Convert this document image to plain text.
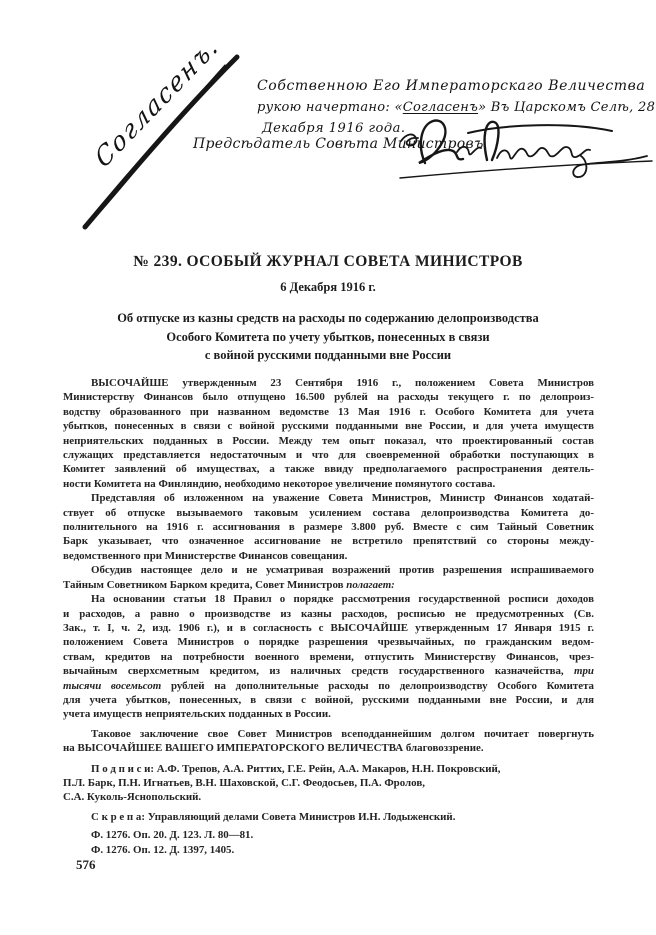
Согласенъ. Собственною Его Императорскаго Величества
рукою начертано: «Согласенъ» Въ Царскомъ Селѣ, 28
Декабря 1916 года.
Предсѣдатель Совѣта Министровъ
№ 239. ОСОБЫЙ ЖУРНАЛ СОВЕТА МИНИСТРОВ
6 Декабря 1916 г.
Об отпуске из казны средств на расходы по содержанию делопроизводства
Особого Комитета по учету убытков, понесенных в связи
с войной русскими подданными вне России

ВЫСОЧАЙШЕ утвержденным 23 Сентября 1916 г., положением Совета Министров
Министерству Финансов было отпущено 16.500 рублей на расходы текущего г. по делопроиз-
водству образованного при названном ведомстве 13 Мая 1916 г. Особого Комитета для учета
убытков, понесенных в связи с войной русскими подданными вне России, и для учета имуществ
неприятельских подданных в России. Между тем опыт показал, что проектированный состав
служащих представляется недостаточным и что для своевременной обработки поступающих в
Комитет заявлений об имуществах, а также ввиду предполагаемого распространения деятель-
ности Комитета на Финляндию, необходимо некоторое увеличение помянутого состава.

Представляя об изложенном на уважение Совета Министров, Министр Финансов ходатай-
ствует об отпуске вызываемого таковым усилением состава делопроизводства Комитета до-
полнительного на 1916 г. ассигнования в размере 3.800 руб. Вместе с сим Тайный Советник
Барк указывает, что означенное ассигнование не встретило препятствий со стороны между-
ведомственного при Министерстве Финансов совещания.

Обсудив настоящее дело и не усматривая возражений против разрешения испрашиваемого
Тайным Советником Барком кредита, Совет Министров полагает:

На основании статьи 18 Правил о порядке рассмотрения государственной росписи доходов
и расходов, а равно о производстве из казны расходов, росписью не предусмотренных (Св.
Зак., т. I, ч. 2, изд. 1906 г.), и в согласность с ВЫСОЧАЙШЕ утвержденным 17 Января 1915 г.
положением Совета Министров о порядке разрешения чрезвычайных, по гражданским ведом-
ствам, кредитов на потребности военного времени, отпустить Министерству Финансов, чрез-
вычайным сверхсметным кредитом, из наличных средств государственного казначейства, три
тысячи восемьсот рублей на дополнительные расходы по делопроизводству Особого Комитета
для учета убытков, понесенных, в связи с войной, русскими подданными вне России, и для
учета имуществ неприятельских подданных в России.

Таковое заключение свое Совет Министров всеподданнейшим долгом почитает повергнуть
на ВЫСОЧАЙШЕЕ ВАШЕГО ИМПЕРАТОРСКОГО ВЕЛИЧЕСТВА благовоззрение.

П о д п и с и: А.Ф. Трепов, А.А. Риттих, Г.Е. Рейн, А.А. Макаров, Н.Н. Покровский,
П.Л. Барк, П.Н. Игнатьев, В.Н. Шаховской, С.Г. Феодосьев, П.А. Фролов,
С.А. Куколь-Яснопольский.

С к р е п а: Управляющий делами Совета Министров И.Н. Лодыженский.

Ф. 1276. Оп. 20. Д. 123. Л. 80—81.

Ф. 1276. Оп. 12. Д. 1397, 1405.

576
